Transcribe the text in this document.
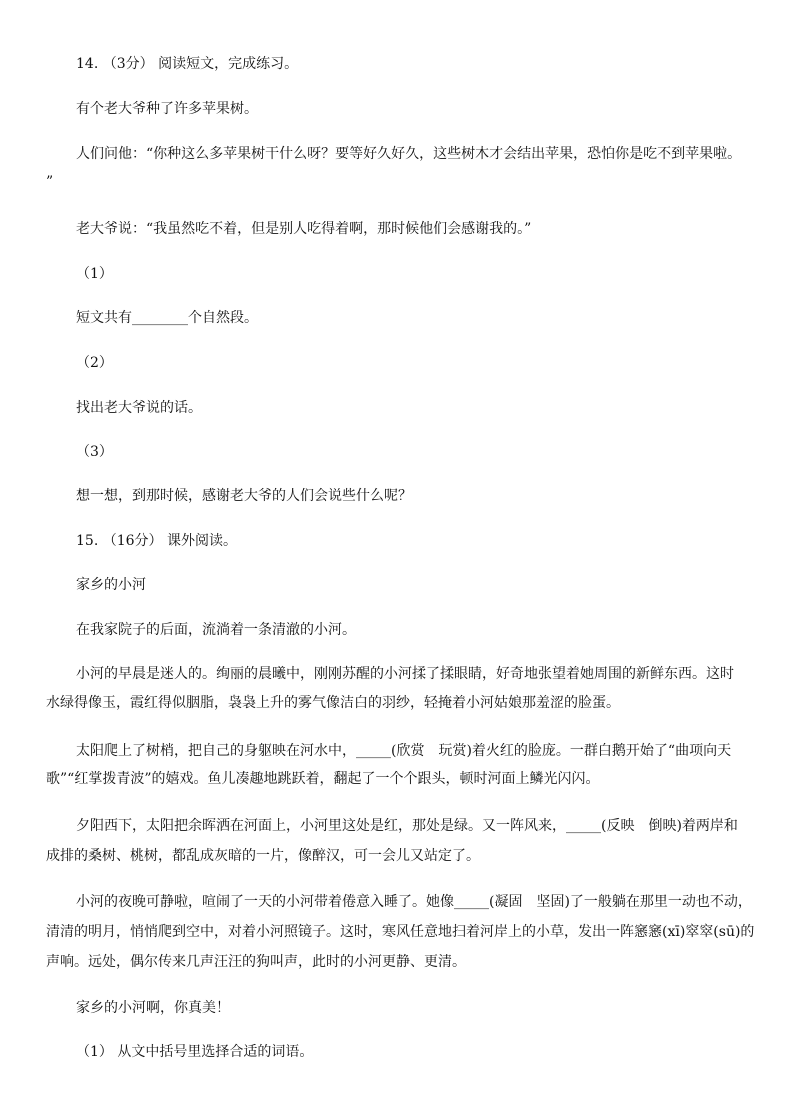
14. （3分） 阅读短文，完成练习。
有个老大爷种了许多苹果树。
人们问他：“你种这么多苹果树干什么呀？要等好久好久，这些树木才会结出苹果，恐怕你是吃不到苹果啦。
”
老大爷说：“我虽然吃不着，但是别人吃得着啊，那时候他们会感谢我的。”
（1）
短文共有________个自然段。
（2）
找出老大爷说的话。
（3）
想一想，到那时候，感谢老大爷的人们会说些什么呢？
15. （16分） 课外阅读。
家乡的小河
在我家院子的后面，流淌着一条清澈的小河。
小河的早晨是迷人的。绚丽的晨曦中，刚刚苏醒的小河揉了揉眼睛，好奇地张望着她周围的新鲜东西。这时
水绿得像玉，霞红得似胭脂，袅袅上升的雾气像洁白的羽纱，轻掩着小河姑娘那羞涩的脸蛋。
太阳爬上了树梢，把自己的身躯映在河水中，_____(欣赏　玩赏)着火红的脸庞。一群白鹅开始了“曲项向天
歌”“红掌拨青波”的嬉戏。鱼儿凑趣地跳跃着，翻起了一个个跟头，顿时河面上鳞光闪闪。
夕阳西下，太阳把余晖洒在河面上，小河里这处是红，那处是绿。又一阵风来，_____(反映　倒映)着两岸和
成排的桑树、桃树，都乱成灰暗的一片，像醉汉，可一会儿又站定了。
小河的夜晚可静啦，喧闹了一天的小河带着倦意入睡了。她像_____(凝固　坚固)了一般躺在那里一动也不动，
清清的明月，悄悄爬到空中，对着小河照镜子。这时，寒风任意地扫着河岸上的小草，发出一阵窸窸(xī)窣窣(sū)的
声响。远处，偶尔传来几声汪汪的狗叫声，此时的小河更静、更清。
家乡的小河啊，你真美！
（1） 从文中括号里选择合适的词语。
